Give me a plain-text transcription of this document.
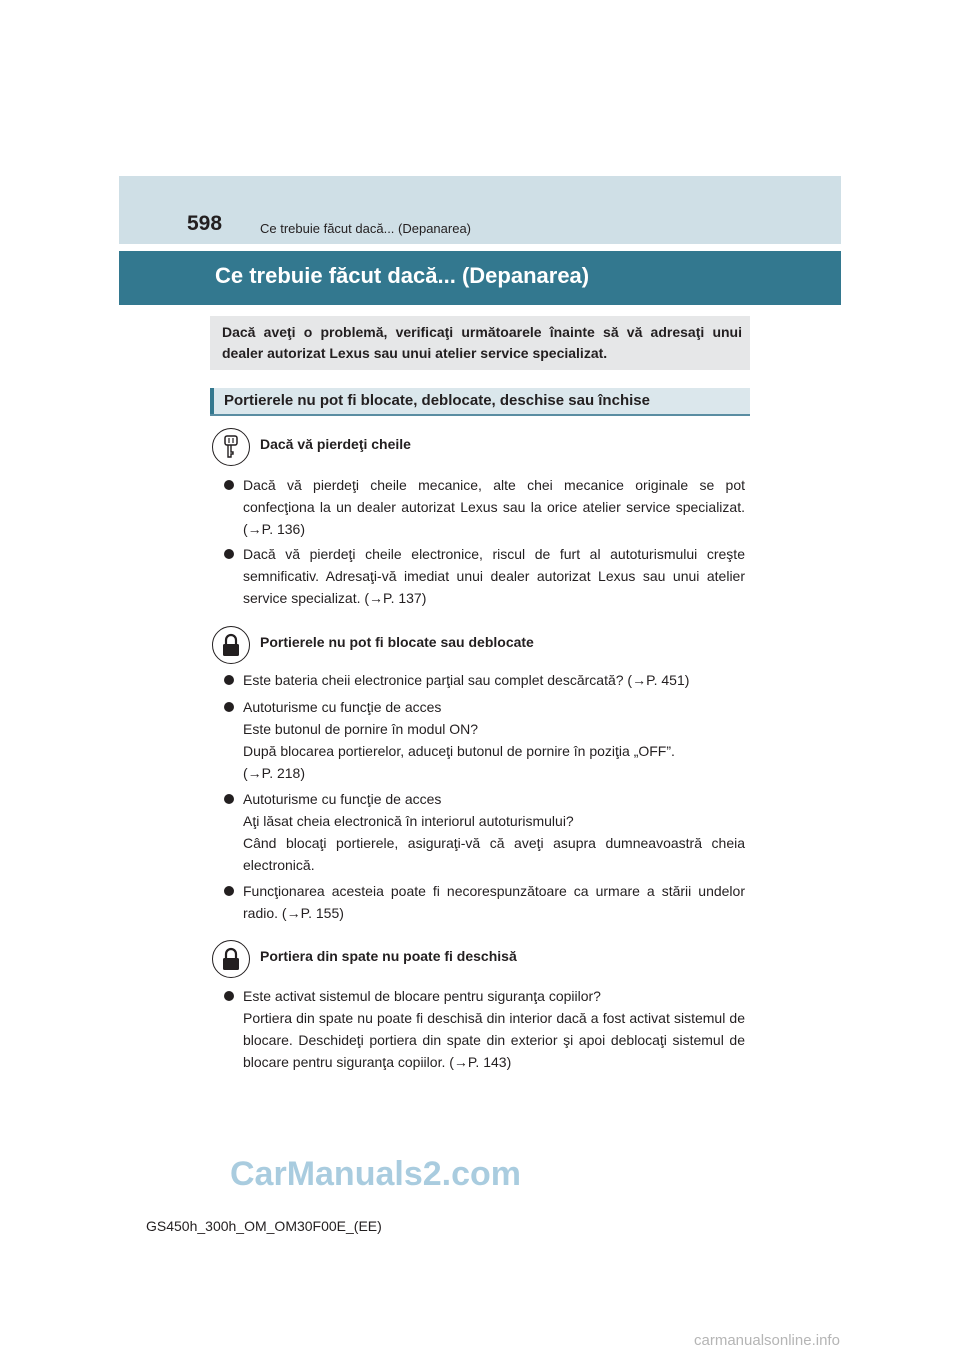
598	Ce trebuie făcut dacă... (Depanarea)
Ce trebuie făcut dacă... (Depanarea)
Dacă aveţi o problemă, verificaţi următoarele înainte să vă adresaţi unui dealer autorizat Lexus sau unui atelier service specializat.
Portierele nu pot fi blocate, deblocate, deschise sau închise
Dacă vă pierdeţi cheile
Dacă vă pierdeţi cheile mecanice, alte chei mecanice originale se pot confecţiona la un dealer autorizat Lexus sau la orice atelier service specializat. (→P. 136)
Dacă vă pierdeţi cheile electronice, riscul de furt al autoturismului creşte semnificativ. Adresaţi-vă imediat unui dealer autorizat Lexus sau unui atelier service specializat. (→P. 137)
Portierele nu pot fi blocate sau deblocate
Este bateria cheii electronice parţial sau complet descărcată? (→P. 451)
Autoturisme cu funcţie de acces
Este butonul de pornire în modul ON?
După blocarea portierelor, aduceţi butonul de pornire în poziţia „OFF”.
(→P. 218)
Autoturisme cu funcţie de acces
Aţi lăsat cheia electronică în interiorul autoturismului?
Când blocaţi portierele, asiguraţi-vă că aveţi asupra dumneavoastră cheia electronică.
Funcţionarea acesteia poate fi necorespunzătoare ca urmare a stării undelor radio. (→P. 155)
Portiera din spate nu poate fi deschisă
Este activat sistemul de blocare pentru siguranţa copiilor?
Portiera din spate nu poate fi deschisă din interior dacă a fost activat sistemul de blocare. Deschideţi portiera din spate din exterior şi apoi deblocaţi sistemul de blocare pentru siguranţa copiilor. (→P. 143)
CarManuals2.com
GS450h_300h_OM_OM30F00E_(EE)
carmanualsonline.info
